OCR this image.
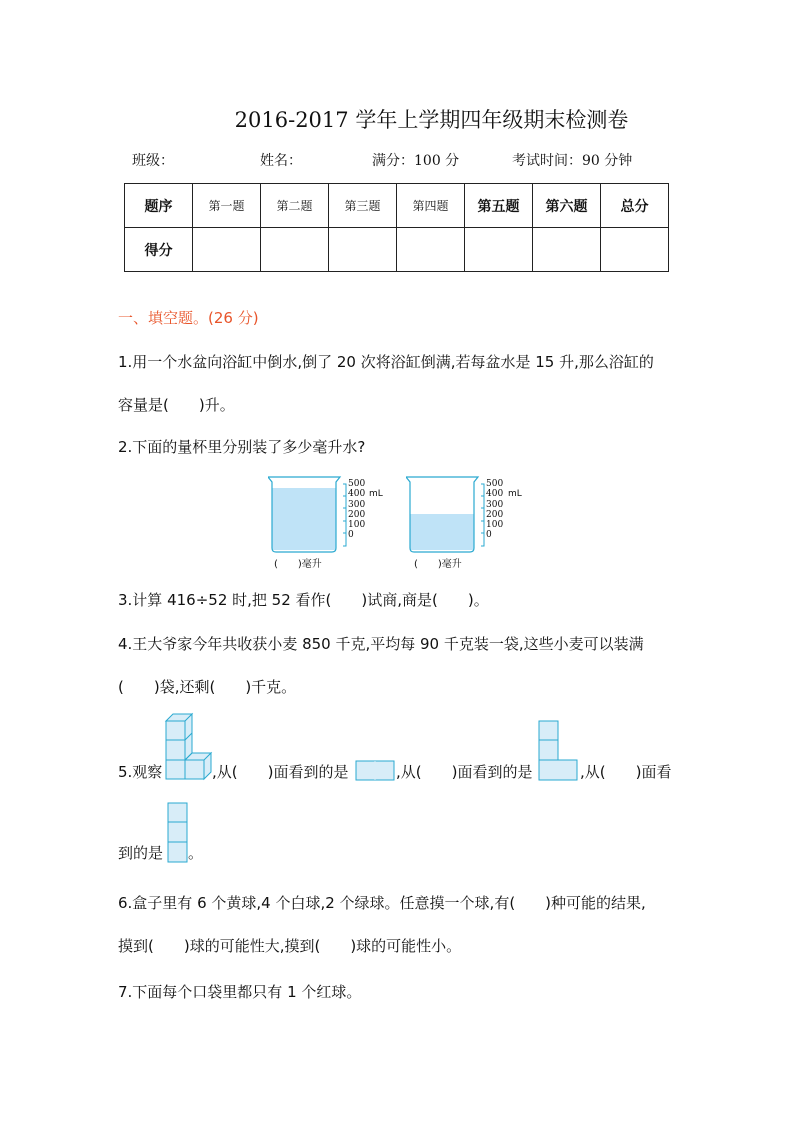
2016-2017 学年上学期四年级期末检测卷
班级：	姓名：	满分：100 分	考试时间：90 分钟
题序	第一题	第二题	第三题	第四题	第五题	第六题	总分
得分							
一、填空题。(26 分)
1.用一个水盆向浴缸中倒水,倒了 20 次将浴缸倒满,若每盆水是 15 升,那么浴缸的
容量是(　　)升。
2.下面的量杯里分别装了多少毫升水?
500
400
300
200
100
0
mL
500
400
300
200
100
0
mL
(　　)毫升	(　　)毫升
3.计算 416÷52 时,把 52 看作(　　)试商,商是(　　)。
4.王大爷家今年共收获小麦 850 千克,平均每 90 千克装一袋,这些小麦可以装满
(　　)袋,还剩(　　)千克。
5.观察	,从(　　)面看到的是	,从(　　)面看到的是	,从(　　)面看
到的是 。
6.盒子里有 6 个黄球,4 个白球,2 个绿球。任意摸一个球,有(　　)种可能的结果,
摸到(　　)球的可能性大,摸到(　　)球的可能性小。
7.下面每个口袋里都只有 1 个红球。
